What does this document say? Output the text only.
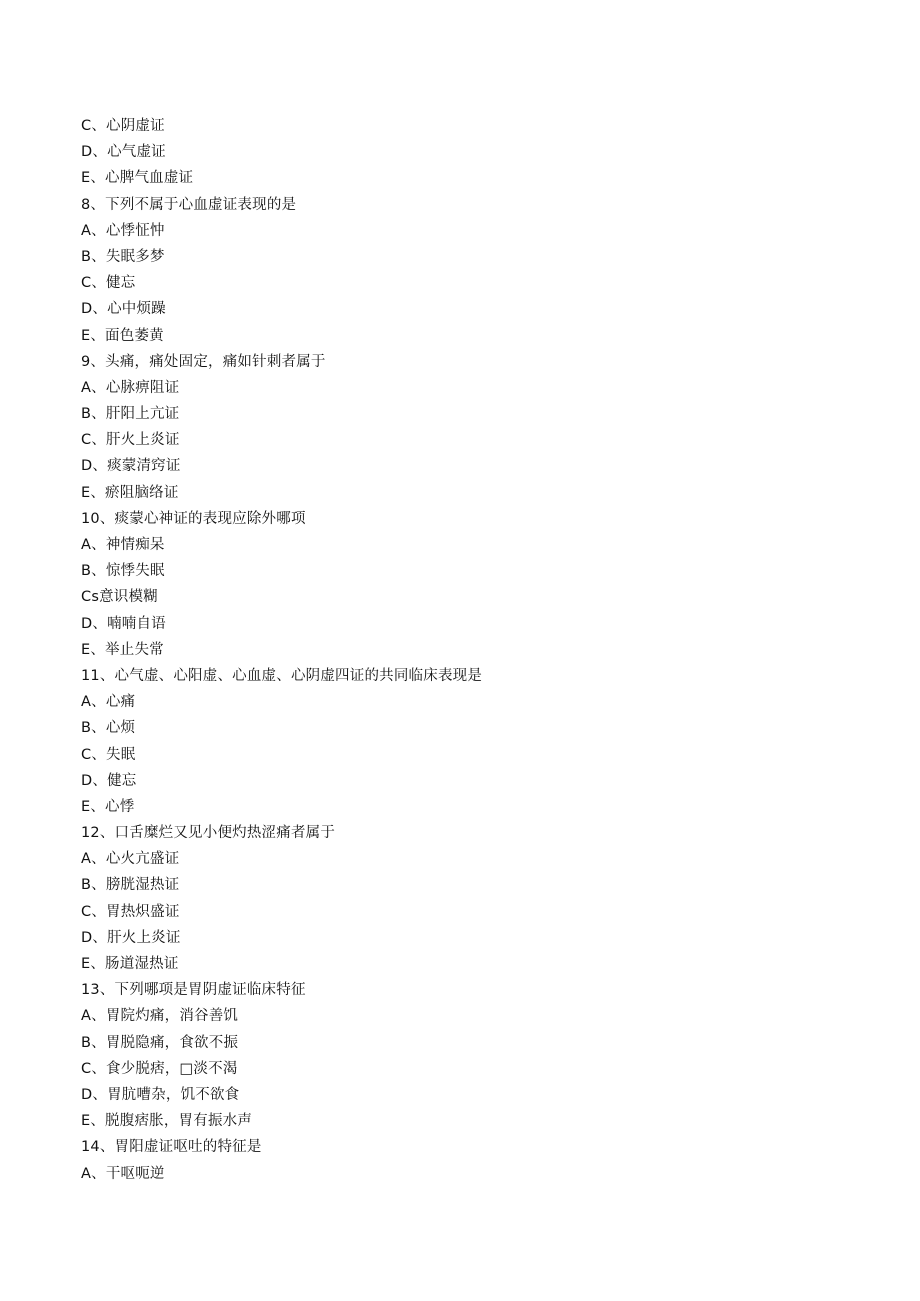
C、心阴虚证
D、心气虚证
E、心脾气血虚证
8、下列不属于心血虚证表现的是
A、心悸怔忡
B、失眠多梦
C、健忘
D、心中烦躁
E、面色萎黄
9、头痛，痛处固定，痛如针刺者属于
A、心脉痹阻证
B、肝阳上亢证
C、肝火上炎证
D、痰蒙清窍证
E、瘀阻脑络证
10、痰蒙心神证的表现应除外哪项
A、神情痴呆
B、惊悸失眠
Cs意识模糊
D、喃喃自语
E、举止失常
11、心气虚、心阳虚、心血虚、心阴虚四证的共同临床表现是
A、心痛
B、心烦
C、失眠
D、健忘
E、心悸
12、口舌糜烂又见小便灼热涩痛者属于
A、心火亢盛证
B、膀胱湿热证
C、胃热炽盛证
D、肝火上炎证
E、肠道湿热证
13、下列哪项是胃阴虚证临床特征
A、胃院灼痛，消谷善饥
B、胃脱隐痛，食欲不振
C、食少脱痞，□淡不渴
D、胃肮嘈杂，饥不欲食
E、脱腹痞胀，胃有振水声
14、胃阳虚证呕吐的特征是
A、干呕呃逆
